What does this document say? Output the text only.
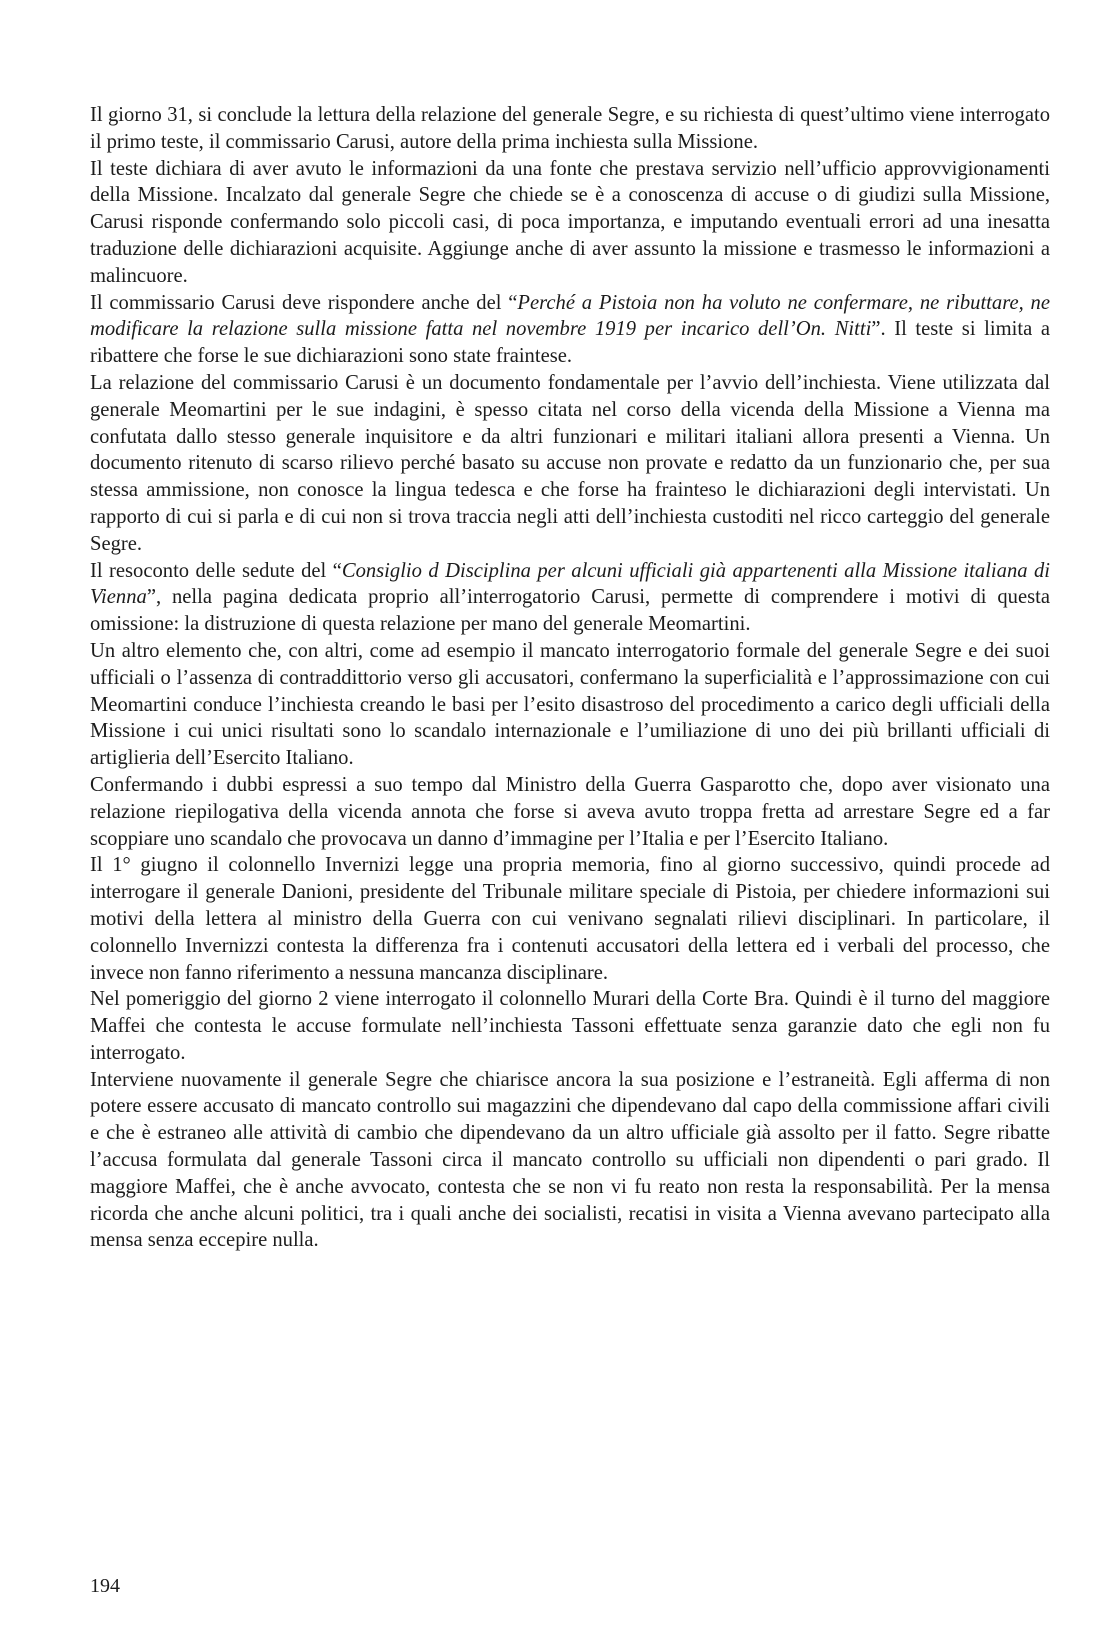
Il giorno 31, si conclude la lettura della relazione del generale Segre, e su richiesta di quest’ultimo viene interrogato il primo teste, il commissario Carusi, autore della prima inchiesta sulla Missione.

Il teste dichiara di aver avuto le informazioni da una fonte che prestava servizio nell’ufficio approvvigionamenti della Missione. Incalzato dal generale Segre che chiede se è a conoscenza di accuse o di giudizi sulla Missione, Carusi risponde confermando solo piccoli casi, di poca importanza, e imputando eventuali errori ad una inesatta traduzione delle dichiarazioni acquisite. Aggiunge anche di aver assunto la missione e trasmesso le informazioni a malincuore.

Il commissario Carusi deve rispondere anche del “Perché a Pistoia non ha voluto ne confermare, ne ributtare, ne modificare la relazione sulla missione fatta nel novembre 1919 per incarico dell’On. Nitti”. Il teste si limita a ribattere che forse le sue dichiarazioni sono state fraintese.

La relazione del commissario Carusi è un documento fondamentale per l’avvio dell’inchiesta. Viene utilizzata dal generale Meomartini per le sue indagini, è spesso citata nel corso della vicenda della Missione a Vienna ma confutata dallo stesso generale inquisitore e da altri funzionari e militari italiani allora presenti a Vienna. Un documento ritenuto di scarso rilievo perché basato su accuse non provate e redatto da un funzionario che, per sua stessa ammissione, non conosce la lingua tedesca e che forse ha frainteso le dichiarazioni degli intervistati. Un rapporto di cui si parla e di cui non si trova traccia negli atti dell’inchiesta custoditi nel ricco carteggio del generale Segre.

Il resoconto delle sedute del “Consiglio d Disciplina per alcuni ufficiali già appartenenti alla Missione italiana di Vienna”, nella pagina dedicata proprio all’interrogatorio Carusi, permette di comprendere i motivi di questa omissione: la distruzione di questa relazione per mano del generale Meomartini.

Un altro elemento che, con altri, come ad esempio il mancato interrogatorio formale del generale Segre e dei suoi ufficiali o l’assenza di contraddittorio verso gli accusatori, confermano la superficialità e l’approssimazione con cui Meomartini conduce l’inchiesta creando le basi per l’esito disastroso del procedimento a carico degli ufficiali della Missione i cui unici risultati sono lo scandalo internazionale e l’umiliazione di uno dei più brillanti ufficiali di artiglieria dell’Esercito Italiano.

Confermando i dubbi espressi a suo tempo dal Ministro della Guerra Gasparotto che, dopo aver visionato una relazione riepilogativa della vicenda annota che forse si aveva avuto troppa fretta ad arrestare Segre ed a far scoppiare uno scandalo che provocava un danno d’immagine per l’Italia e per l’Esercito Italiano.

Il 1° giugno il colonnello Invernizi legge una propria memoria, fino al giorno successivo, quindi procede ad interrogare il generale Danioni, presidente del Tribunale militare speciale di Pistoia, per chiedere informazioni sui motivi della lettera al ministro della Guerra con cui venivano segnalati rilievi disciplinari. In particolare, il colonnello Invernizzi contesta la differenza fra i contenuti accusatori della lettera ed i verbali del processo, che invece non fanno riferimento a nessuna mancanza disciplinare.

Nel pomeriggio del giorno 2 viene interrogato il colonnello Murari della Corte Bra. Quindi è il turno del maggiore Maffei che contesta le accuse formulate nell’inchiesta Tassoni effettuate senza garanzie dato che egli non fu interrogato.

Interviene nuovamente il generale Segre che chiarisce ancora la sua posizione e l’estraneità. Egli afferma di non potere essere accusato di mancato controllo sui magazzini che dipendevano dal capo della commissione affari civili e che è estraneo alle attività di cambio che dipendevano da un altro ufficiale già assolto per il fatto. Segre ribatte l’accusa formulata dal generale Tassoni circa il mancato controllo su ufficiali non dipendenti o pari grado. Il maggiore Maffei, che è anche avvocato, contesta che se non vi fu reato non resta la responsabilità. Per la mensa ricorda che anche alcuni politici, tra i quali anche dei socialisti, recatisi in visita a Vienna avevano partecipato alla mensa senza eccepire nulla.

194
